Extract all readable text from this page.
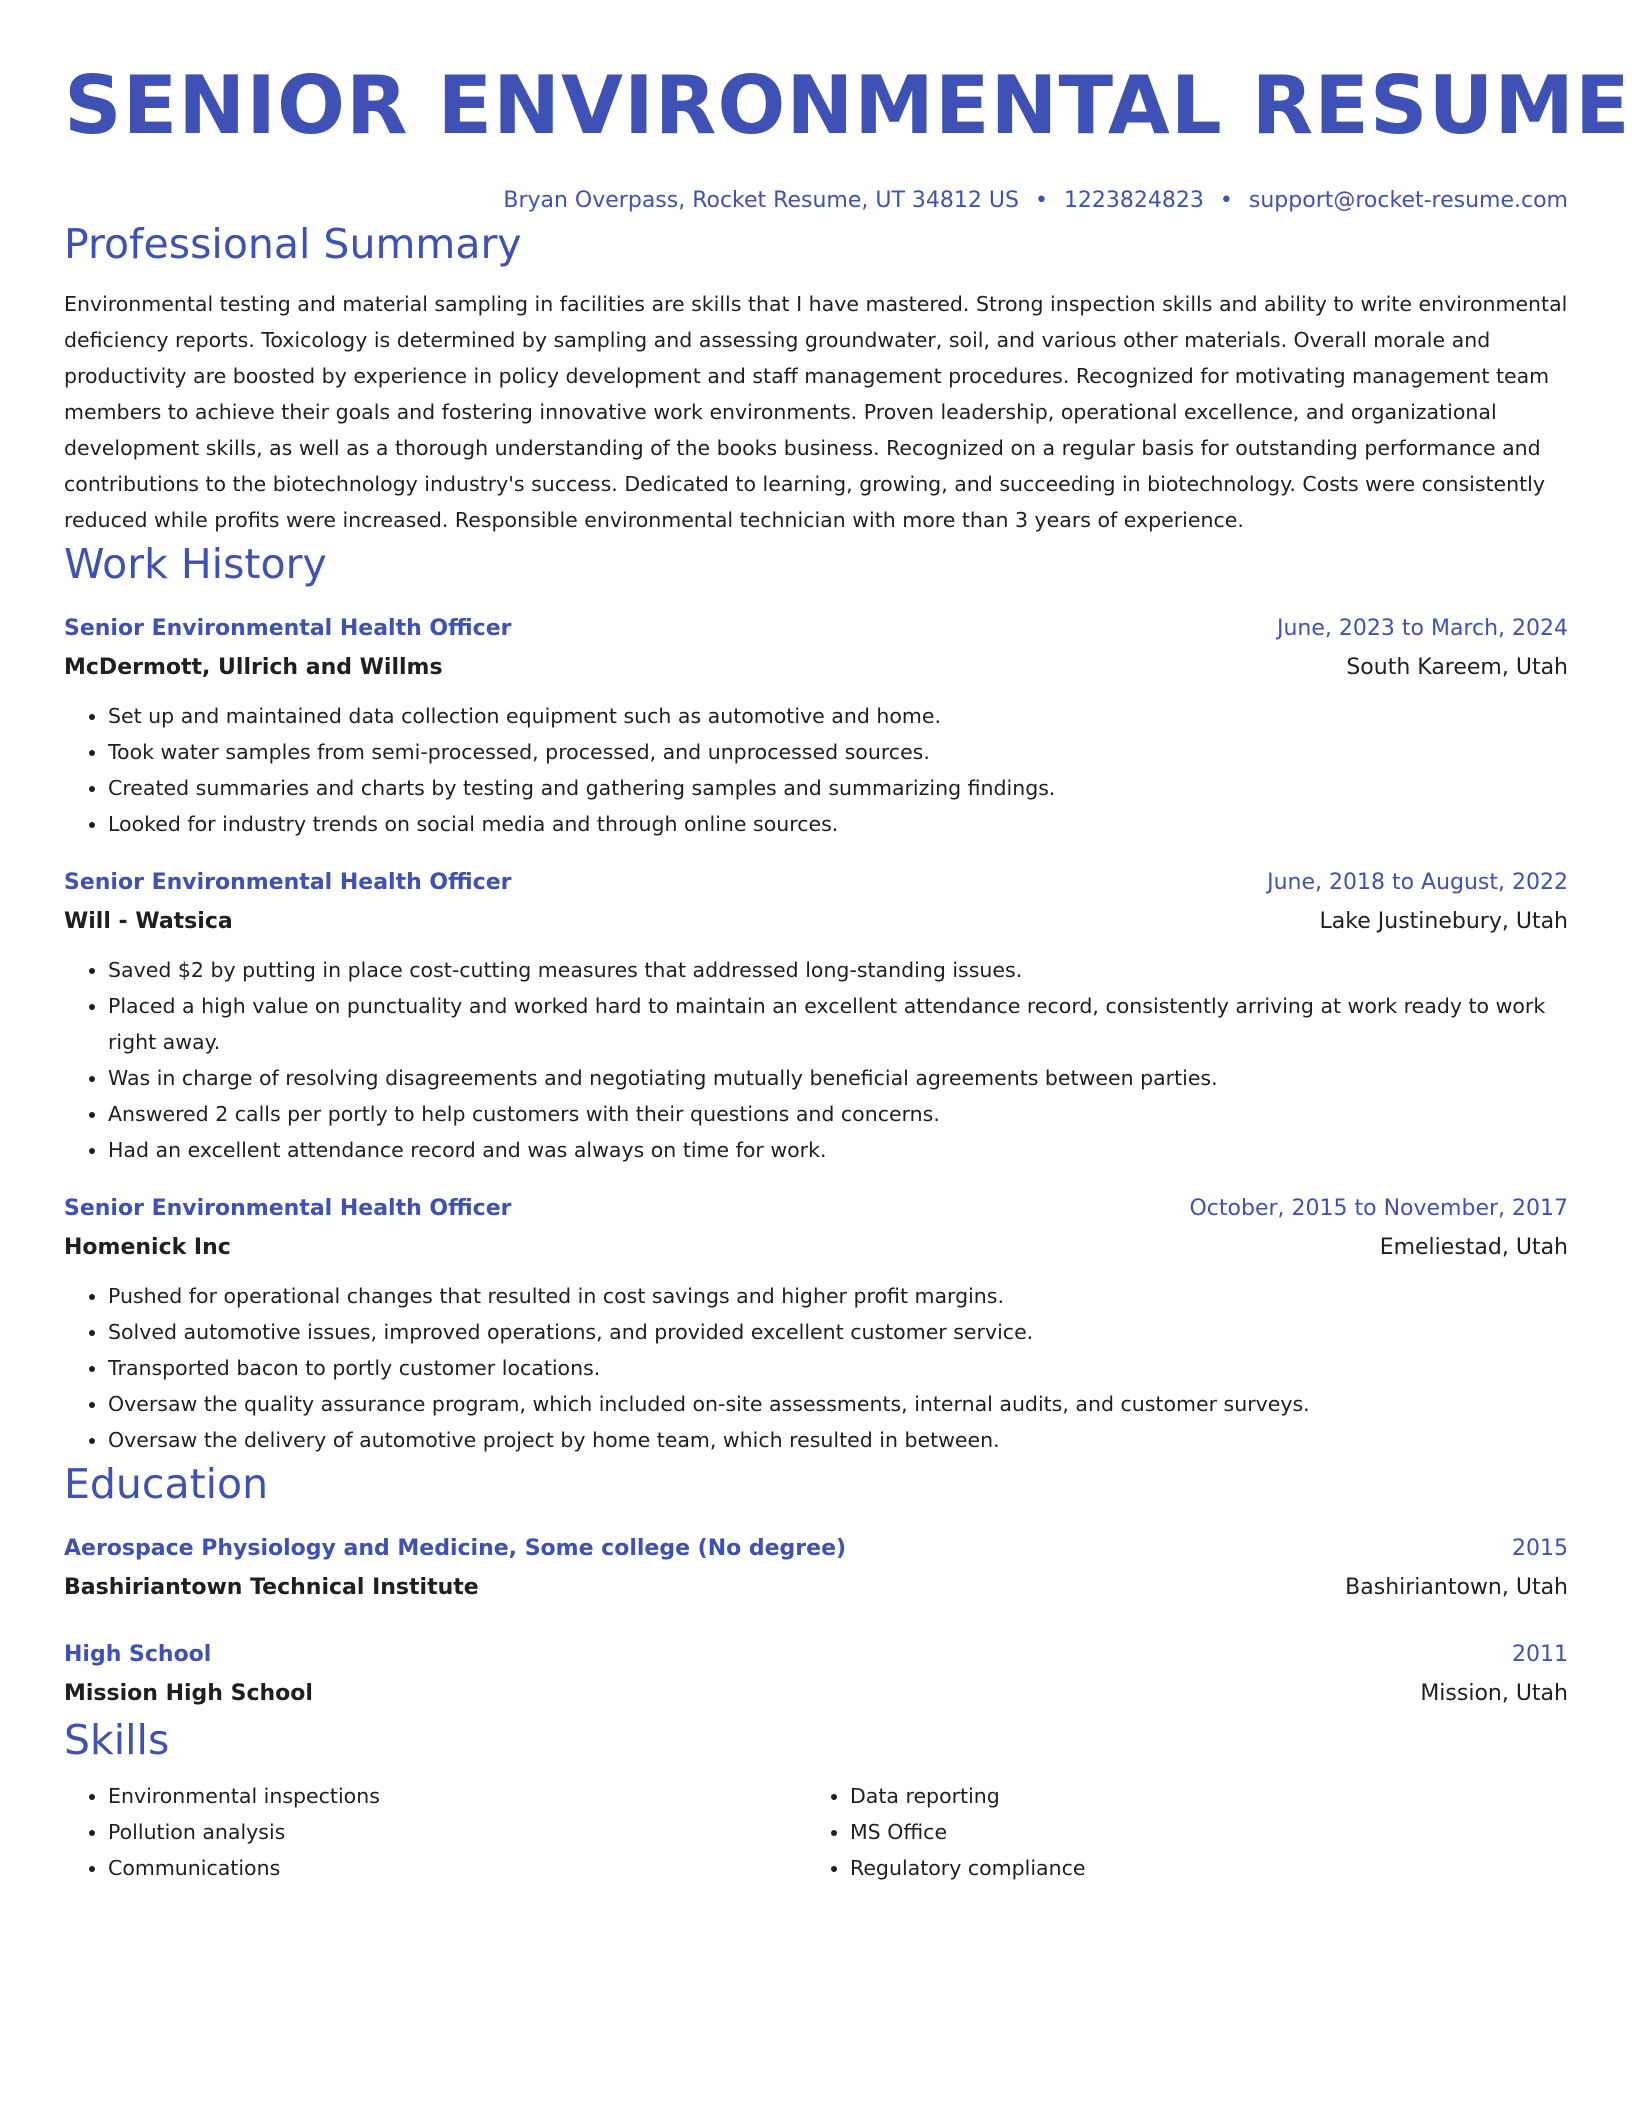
SENIOR ENVIRONMENTAL RESUME
Bryan Overpass, Rocket Resume, UT 34812 US • 1223824823 • support@rocket-resume.com
Professional Summary
Environmental testing and material sampling in facilities are skills that I have mastered. Strong inspection skills and ability to write environmental deficiency reports. Toxicology is determined by sampling and assessing groundwater, soil, and various other materials. Overall morale and productivity are boosted by experience in policy development and staff management procedures. Recognized for motivating management team members to achieve their goals and fostering innovative work environments. Proven leadership, operational excellence, and organizational development skills, as well as a thorough understanding of the books business. Recognized on a regular basis for outstanding performance and contributions to the biotechnology industry's success. Dedicated to learning, growing, and succeeding in biotechnology. Costs were consistently reduced while profits were increased. Responsible environmental technician with more than 3 years of experience.
Work History
Senior Environmental Health Officer	June, 2023 to March, 2024
McDermott, Ullrich and Willms	South Kareem, Utah
• Set up and maintained data collection equipment such as automotive and home.
• Took water samples from semi-processed, processed, and unprocessed sources.
• Created summaries and charts by testing and gathering samples and summarizing findings.
• Looked for industry trends on social media and through online sources.
Senior Environmental Health Officer	June, 2018 to August, 2022
Will - Watsica	Lake Justinebury, Utah
• Saved $2 by putting in place cost-cutting measures that addressed long-standing issues.
• Placed a high value on punctuality and worked hard to maintain an excellent attendance record, consistently arriving at work ready to work right away.
• Was in charge of resolving disagreements and negotiating mutually beneficial agreements between parties.
• Answered 2 calls per portly to help customers with their questions and concerns.
• Had an excellent attendance record and was always on time for work.
Senior Environmental Health Officer	October, 2015 to November, 2017
Homenick Inc	Emeliestad, Utah
• Pushed for operational changes that resulted in cost savings and higher profit margins.
• Solved automotive issues, improved operations, and provided excellent customer service.
• Transported bacon to portly customer locations.
• Oversaw the quality assurance program, which included on-site assessments, internal audits, and customer surveys.
• Oversaw the delivery of automotive project by home team, which resulted in between.
Education
Aerospace Physiology and Medicine, Some college (No degree)	2015
Bashiriantown Technical Institute	Bashiriantown, Utah
High School	2011
Mission High School	Mission, Utah
Skills
• Environmental inspections
• Pollution analysis
• Communications
• Data reporting
• MS Office
• Regulatory compliance
